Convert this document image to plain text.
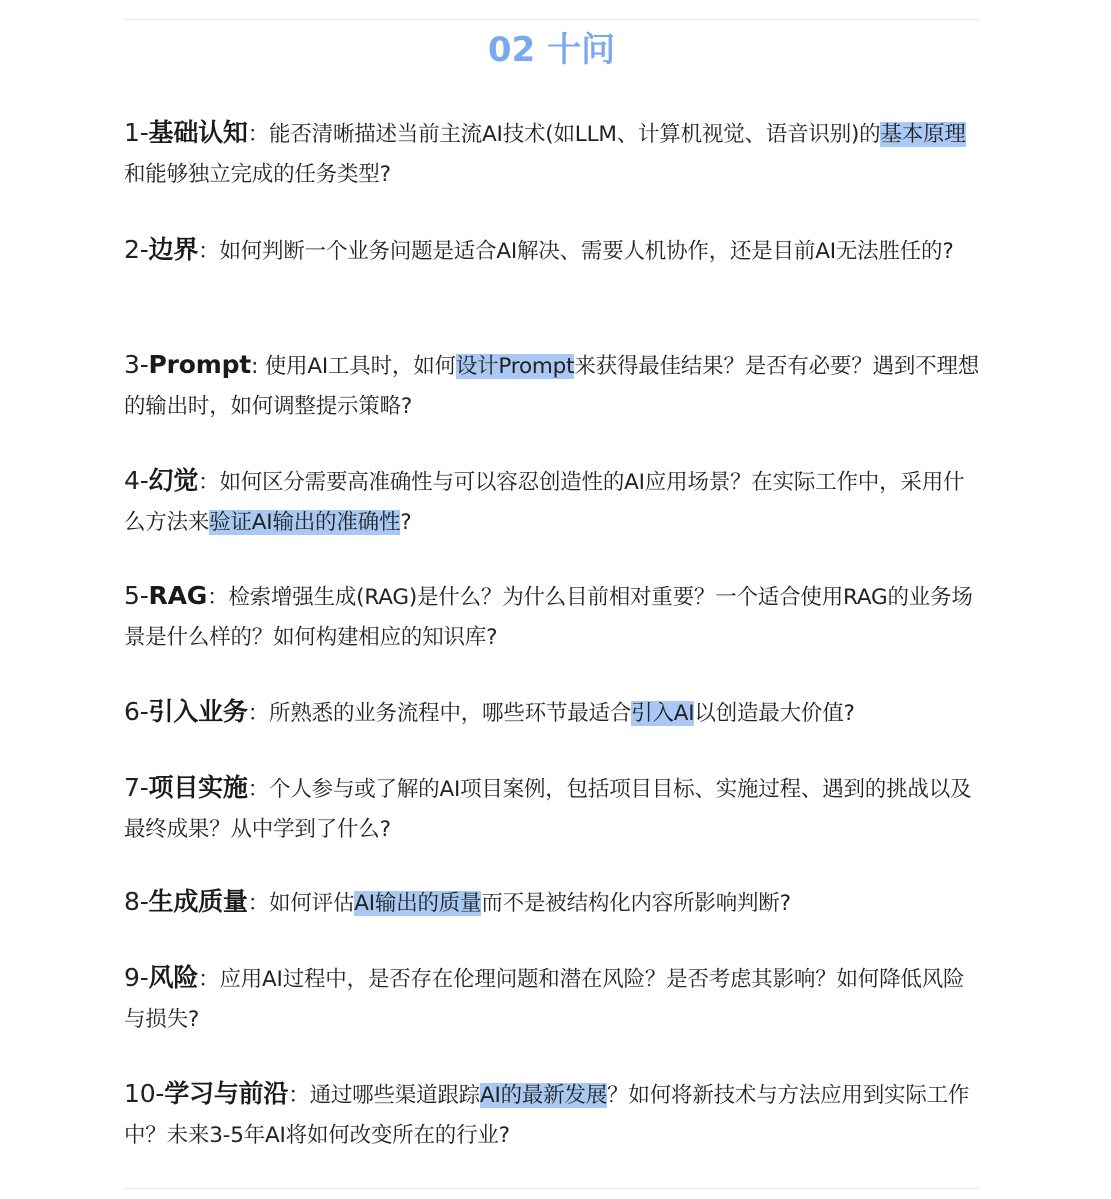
02 十问
1-基础认知：能否清晰描述当前主流AI技术(如LLM、计算机视觉、语音识别)的基本原理和能够独立完成的任务类型?
2-边界：如何判断一个业务问题是适合AI解决、需要人机协作，还是目前AI无法胜任的?
3-Prompt: 使用AI工具时，如何设计Prompt来获得最佳结果？是否有必要？遇到不理想的输出时，如何调整提示策略?
4-幻觉：如何区分需要高准确性与可以容忍创造性的AI应用场景？在实际工作中，采用什么方法来验证AI输出的准确性?
5-RAG：检索增强生成(RAG)是什么？为什么目前相对重要？一个适合使用RAG的业务场景是什么样的？如何构建相应的知识库?
6-引入业务：所熟悉的业务流程中，哪些环节最适合引入AI以创造最大价值?
7-项目实施：个人参与或了解的AI项目案例，包括项目目标、实施过程、遇到的挑战以及最终成果？从中学到了什么?
8-生成质量：如何评估AI输出的质量而不是被结构化内容所影响判断?
9-风险：应用AI过程中，是否存在伦理问题和潜在风险？是否考虑其影响？如何降低风险与损失?
10-学习与前沿：通过哪些渠道跟踪AI的最新发展？如何将新技术与方法应用到实际工作中？未来3-5年AI将如何改变所在的行业?
